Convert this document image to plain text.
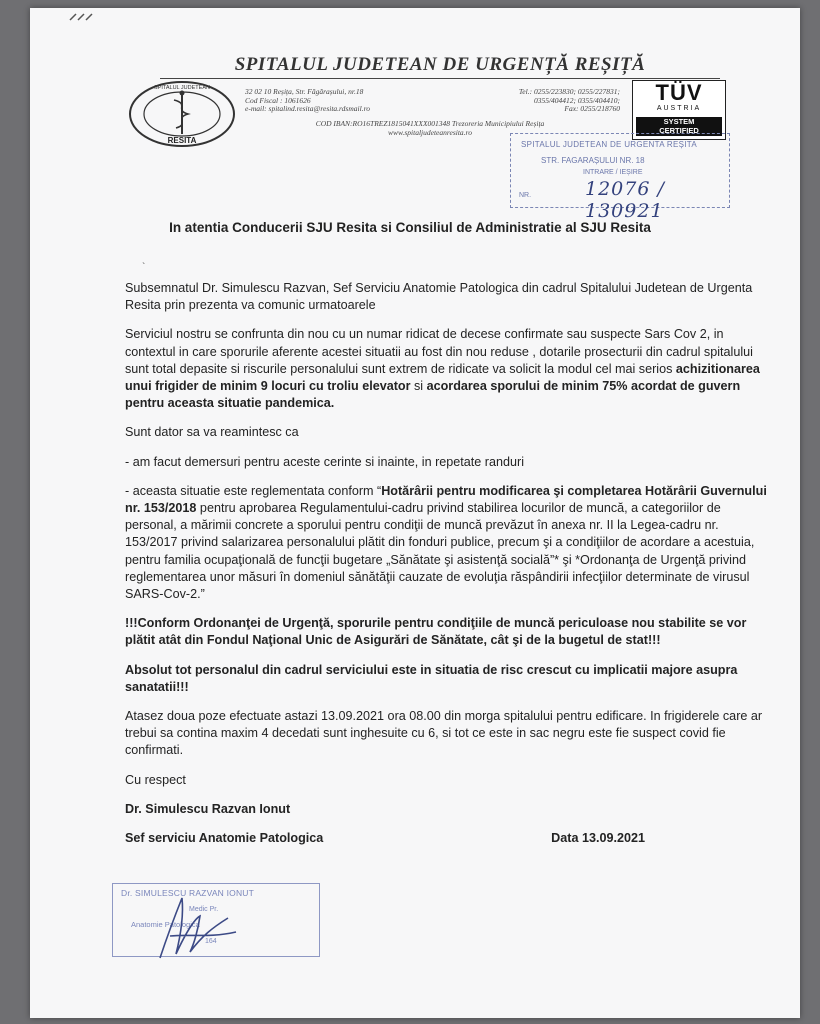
SPITALUL JUDETEAN DE URGENȚĂ REȘIȚĂ
SPITALUL JUDETEAN
RESITA
32 02 10 Reșița, Str. Făgărașului, nr.18
Cod Fiscal : 1061626
e-mail: spitalind.resita@resita.rdsmail.ro
Tel.: 0255/223830; 0255/227831;
0355/404412; 0355/404410;
Fax: 0255/218760
COD IBAN:RO16TREZ1815041XXX001348 Trezoreria Municipiului Reșița
www.spitaljudeteanresita.ro
TÜV
AUSTRIA
SYSTEM
CERTIFIED
SPITALUL JUDETEAN DE URGENTA REȘITA
STR. FAGARAȘULUI NR. 18
INTRARE / IEȘIRE
NR.	12076 / 130921
In atentia Conducerii SJU Resita si Consiliul de Administratie al SJU Resita
`

Subsemnatul Dr. Simulescu Razvan, Sef Serviciu Anatomie Patologica din cadrul Spitalului Judetean de Urgenta Resita prin prezenta va comunic urmatoarele

Serviciul nostru se confrunta din nou cu un numar ridicat de decese confirmate sau suspecte Sars Cov 2, in contextul in care sporurile aferente acestei situatii au fost din nou reduse , dotarile prosecturii din cadrul spitalului sunt total depasite si riscurile personalului sunt extrem de ridicate va solicit la modul cel mai serios achizitionarea unui frigider de minim 9 locuri cu troliu elevator si acordarea sporului de minim 75% acordat de guvern pentru aceasta situatie pandemica.

Sunt dator sa va reamintesc ca

- am facut demersuri pentru aceste cerinte si inainte, in repetate randuri

- aceasta situatie este reglementata conform “Hotărârii pentru modificarea şi completarea Hotărârii Guvernului nr. 153/2018 pentru aprobarea Regulamentului-cadru privind stabilirea locurilor de muncă, a categoriilor de personal, a mărimii concrete a sporului pentru condiţii de muncă prevăzut în anexa nr. II la Legea-cadru nr. 153/2017 privind salarizarea personalului plătit din fonduri publice, precum şi a condiţiilor de acordare a acestuia, pentru familia ocupaţională de funcţii bugetare „Sănătate şi asistenţă socială”* şi *Ordonanţa de Urgenţă privind reglementarea unor măsuri în domeniul sănătăţii cauzate de evoluţia răspândirii infecţiilor determinate de virusul SARS-Cov-2.”

!!!Conform Ordonanţei de Urgenţă, sporurile pentru condiţiile de muncă periculoase nou stabilite se vor plătit atât din Fondul Naţional Unic de Asigurări de Sănătate, cât şi de la bugetul de stat!!!

Absolut tot personalul din cadrul serviciului este in situatia de risc crescut cu implicatii majore asupra sanatatii!!!

Atasez doua poze efectuate astazi 13.09.2021 ora 08.00 din morga spitalului pentru edificare. In frigiderele care ar trebui sa contina maxim 4 decedati sunt inghesuite cu 6, si tot ce este in sac negru este fie suspect covid fie confirmati.

Cu respect

Dr. Simulescu Razvan Ionut

Sef serviciu Anatomie Patologica	Data 13.09.2021
Dr. SIMULESCU RAZVAN IONUT
Medic Pr.
Anatomie Patologica
164
